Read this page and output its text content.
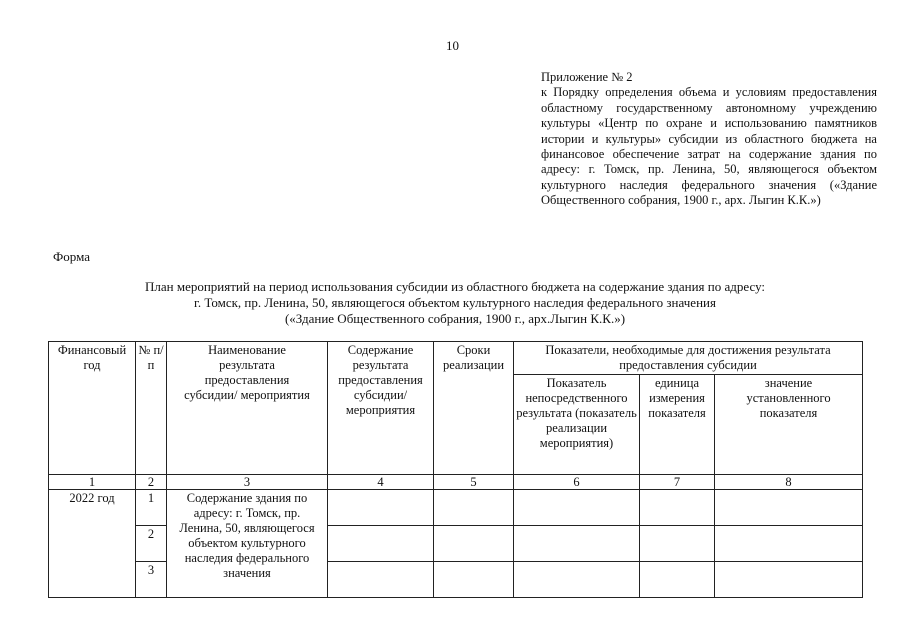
10
Приложение № 2
к Порядку определения объема и условиям предоставления областному государственному автономному учреждению культуры «Центр по охране и использованию памятников истории и культуры» субсидии из областного бюджета на финансовое обеспечение затрат на содержание здания по адресу: г. Томск, пр. Ленина, 50, являющегося объектом культурного наследия федерального значения («Здание Общественного собрания, 1900 г., арх. Лыгин К.К.»)
Форма
План мероприятий на период использования субсидии из областного бюджета на содержание здания по адресу:
г. Томск, пр. Ленина, 50, являющегося объектом культурного наследия федерального значения
(«Здание Общественного собрания, 1900 г., арх.Лыгин К.К.»)
Финансовый год	№ п/п	Наименование результата предоставления субсидии/ мероприятия	Содержание результата предоставления субсидии/ мероприятия	Сроки реализации	Показатели, необходимые для достижения результата предоставления субсидии		
					Показатель непосредственного результата (показатель реализации мероприятия)	единица измерения показателя	значение установленного показателя
1	2	3	4	5	6	7	8
2022 год	1	Содержание здания по адресу: г. Томск, пр. Ленина, 50, являющегося объектом культурного наследия федерального значения					
	2						
	3						
